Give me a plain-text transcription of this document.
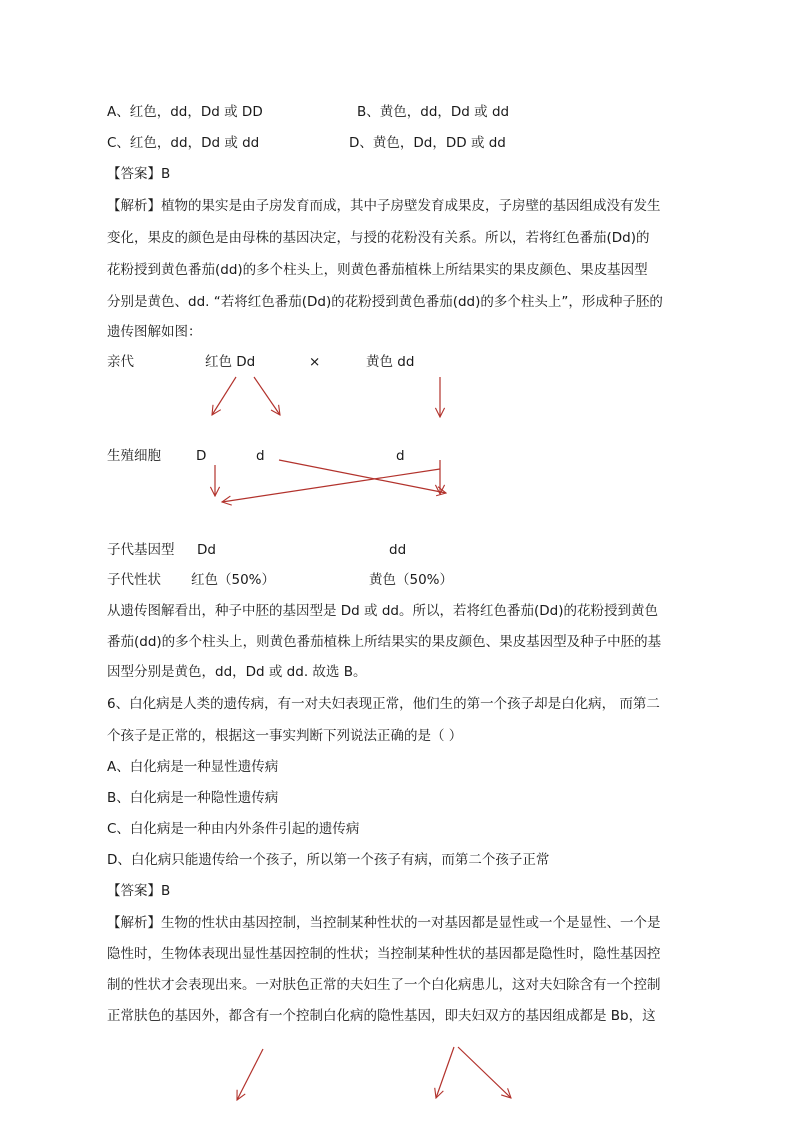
A、红色，dd，Dd 或 DD	B、黄色，dd，Dd 或 dd
C、红色，dd，Dd 或 dd	D、黄色，Dd，DD 或 dd
【答案】B
【解析】植物的果实是由子房发育而成，其中子房壁发育成果皮，子房壁的基因组成没有发生
变化，果皮的颜色是由母株的基因决定，与授的花粉没有关系。所以，若将红色番茄(Dd)的
花粉授到黄色番茄(dd)的多个柱头上，则黄色番茄植株上所结果实的果皮颜色、果皮基因型
分别是黄色、dd. “若将红色番茄(Dd)的花粉授到黄色番茄(dd)的多个柱头上”，形成种子胚的
遗传图解如图：
亲代	红色 Dd	×	黄色 dd
生殖细胞	D	d	d
子代基因型 Dd	dd
子代性状 红色（50%）	黄色（50%）
从遗传图解看出，种子中胚的基因型是 Dd 或 dd。所以，若将红色番茄(Dd)的花粉授到黄色
番茄(dd)的多个柱头上，则黄色番茄植株上所结果实的果皮颜色、果皮基因型及种子中胚的基
因型分别是黄色，dd，Dd 或 dd. 故选 B。
6、白化病是人类的遗传病，有一对夫妇表现正常，他们生的第一个孩子却是白化病， 而第二
个孩子是正常的，根据这一事实判断下列说法正确的是（ ）
A、白化病是一种显性遗传病
B、白化病是一种隐性遗传病
C、白化病是一种由内外条件引起的遗传病
D、白化病只能遗传给一个孩子，所以第一个孩子有病，而第二个孩子正常
【答案】B
【解析】生物的性状由基因控制，当控制某种性状的一对基因都是显性或一个是显性、一个是
隐性时，生物体表现出显性基因控制的性状；当控制某种性状的基因都是隐性时，隐性基因控
制的性状才会表现出来。一对肤色正常的夫妇生了一个白化病患儿，这对夫妇除含有一个控制
正常肤色的基因外，都含有一个控制白化病的隐性基因，即夫妇双方的基因组成都是 Bb，这
